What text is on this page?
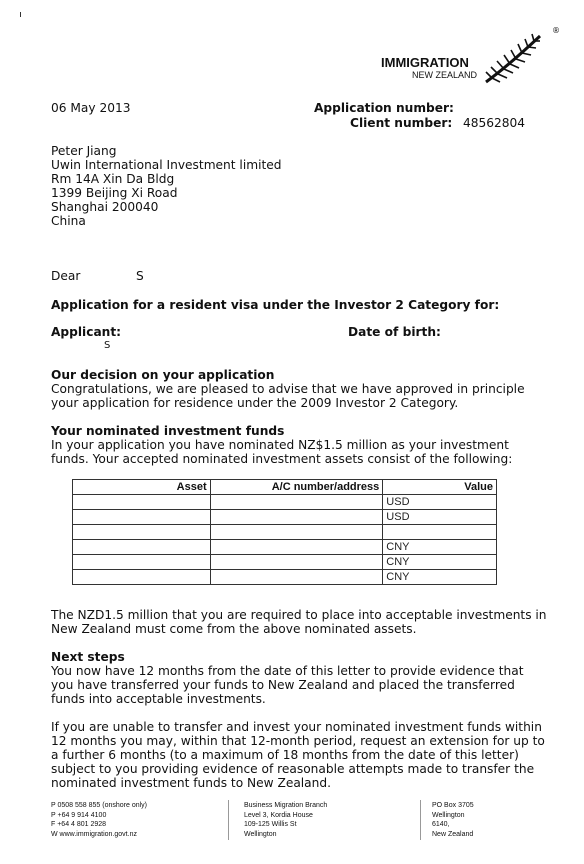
IMMIGRATION
NEW ZEALAND
®
06 May 2013	Application number:
Client number: 48562804
Peter Jiang
Uwin International Investment limited
Rm 14A Xin Da Bldg
1399 Beijing Xi Road
Shanghai 200040
China
Dear	S
Application for a resident visa under the Investor 2 Category for:
Applicant:	Date of birth:
S
Our decision on your application
Congratulations, we are pleased to advise that we have approved in principle
your application for residence under the 2009 Investor 2 Category.
Your nominated investment funds
In your application you have nominated NZ$1.5 million as your investment
funds. Your accepted nominated investment assets consist of the following:
Asset	A/C number/address	Value
		USD
		USD

		CNY
		CNY
		CNY
The NZD1.5 million that you are required to place into acceptable investments in
New Zealand must come from the above nominated assets.
Next steps
You now have 12 months from the date of this letter to provide evidence that
you have transferred your funds to New Zealand and placed the transferred
funds into acceptable investments.
If you are unable to transfer and invest your nominated investment funds within
12 months you may, within that 12-month period, request an extension for up to
a further 6 months (to a maximum of 18 months from the date of this letter)
subject to you providing evidence of reasonable attempts made to transfer the
nominated investment funds to New Zealand.
P 0508 558 855 (onshore only)
P +64 9 914 4100
F +64 4 801 2928
W www.immigration.govt.nz
Business Migration Branch
Level 3, Kordia House
109-125 Willis St
Wellington
PO Box 3705
Wellington
6140,
New Zealand
